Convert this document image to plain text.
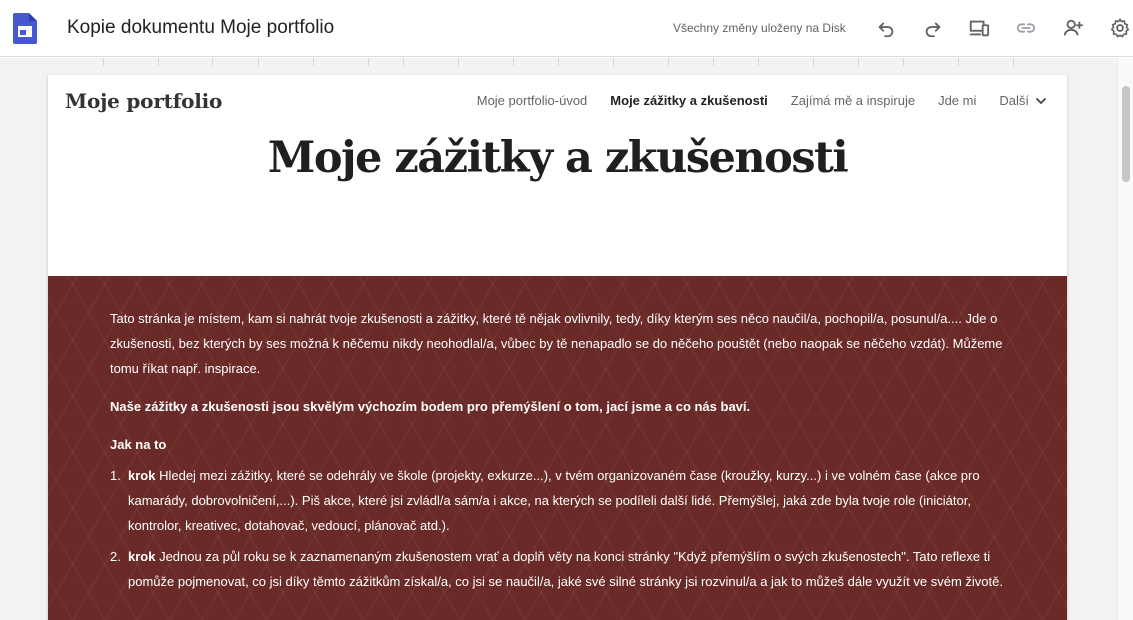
Kopie dokumentu Moje portfolio	Všechny změny uloženy na Disk
Moje portfolio	Moje portfolio-úvod Moje zážitky a zkušenosti Zajímá mě a inspiruje Jde mi Další
Moje zážitky a zkušenosti

Tato stránka je místem, kam si nahrát tvoje zkušenosti a zážitky, které tě nějak ovlivnily, tedy, díky kterým ses něco naučil/a, pochopil/a, posunul/a.... Jde o zkušenosti, bez kterých by ses možná k něčemu nikdy neohodlal/a, vůbec by tě nenapadlo se do něčeho pouštět (nebo naopak se něčeho vzdát). Můžeme tomu říkat např. inspirace.

Naše zážitky a zkušenosti jsou skvělým výchozím bodem pro přemýšlení o tom, jací jsme a co nás baví.

Jak na to

1. krok Hledej mezi zážitky, které se odehrály ve škole (projekty, exkurze...), v tvém organizovaném čase (kroužky, kurzy...) i ve volném čase (akce pro kamarády, dobrovolničení,...). Piš akce, které jsi zvládl/a sám/a i akce, na kterých se podíleli další lidé. Přemýšlej, jaká zde byla tvoje role (iniciátor, kontrolor, kreativec, dotahovač, vedoucí, plánovač atd.).
2. krok Jednou za půl roku se k zaznamenaným zkušenostem vrať a doplň věty na konci stránky "Když přemýšlím o svých zkušenostech". Tato reflexe ti pomůže pojmenovat, co jsi díky těmto zážitkům získal/a, co jsi se naučil/a, jaké své silné stránky jsi rozvinul/a a jak to můžeš dále využít ve svém životě.
